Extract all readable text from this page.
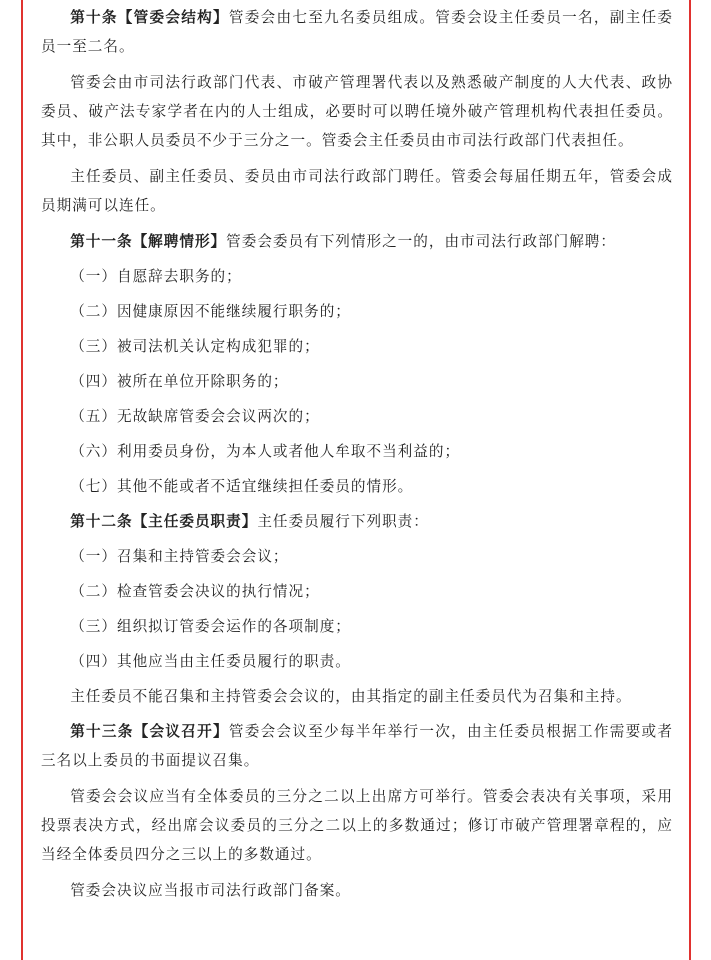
第十条【管委会结构】管委会由七至九名委员组成。管委会设主任委员一名，副主任委员一至二名。

管委会由市司法行政部门代表、市破产管理署代表以及熟悉破产制度的人大代表、政协委员、破产法专家学者在内的人士组成，必要时可以聘任境外破产管理机构代表担任委员。其中，非公职人员委员不少于三分之一。管委会主任委员由市司法行政部门代表担任。

主任委员、副主任委员、委员由市司法行政部门聘任。管委会每届任期五年，管委会成员期满可以连任。

第十一条【解聘情形】管委会委员有下列情形之一的，由市司法行政部门解聘：

（一）自愿辞去职务的；

（二）因健康原因不能继续履行职务的；

（三）被司法机关认定构成犯罪的；

（四）被所在单位开除职务的；

（五）无故缺席管委会会议两次的；

（六）利用委员身份，为本人或者他人牟取不当利益的；

（七）其他不能或者不适宜继续担任委员的情形。

第十二条【主任委员职责】主任委员履行下列职责：

（一）召集和主持管委会会议；

（二）检查管委会决议的执行情况；

（三）组织拟订管委会运作的各项制度；

（四）其他应当由主任委员履行的职责。

主任委员不能召集和主持管委会会议的，由其指定的副主任委员代为召集和主持。

第十三条【会议召开】管委会会议至少每半年举行一次，由主任委员根据工作需要或者三名以上委员的书面提议召集。

管委会会议应当有全体委员的三分之二以上出席方可举行。管委会表决有关事项，采用投票表决方式，经出席会议委员的三分之二以上的多数通过；修订市破产管理署章程的，应当经全体委员四分之三以上的多数通过。

管委会决议应当报市司法行政部门备案。
